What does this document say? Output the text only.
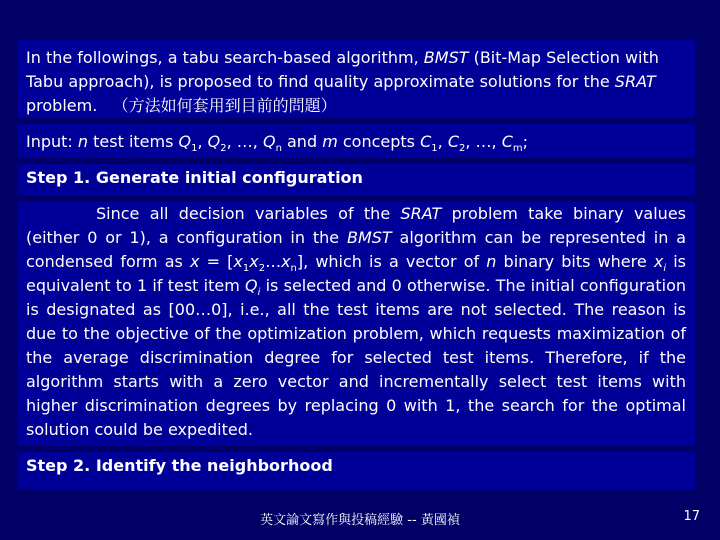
In the followings, a tabu search-based algorithm, BMST (Bit-Map Selection with Tabu approach), is proposed to find quality approximate solutions for the SRAT problem. （方法如何套用到目前的問題）
Input: n test items $Q_1$, $Q_2$, …, $Q_n$ and m concepts $C_1$, $C_2$, …, $C_m$;
Step 1. Generate initial configuration
Since all decision variables of the SRAT problem take binary values (either 0 or 1), a configuration in the BMST algorithm can be represented in a condensed form as $x = [x_1x_2\dots x_n]$, which is a vector of n binary bits where $x_i$ is equivalent to 1 if test item $Q_i$ is selected and 0 otherwise. The initial configuration is designated as [00…0], i.e., all the test items are not selected. The reason is due to the objective of the optimization problem, which requests maximization of the average discrimination degree for selected test items. Therefore, if the algorithm starts with a zero vector and incrementally select test items with higher discrimination degrees by replacing 0 with 1, the search for the optimal solution could be expedited.
Step 2. Identify the neighborhood
英文論文寫作與投稿經驗 -- 黃國禎	17
